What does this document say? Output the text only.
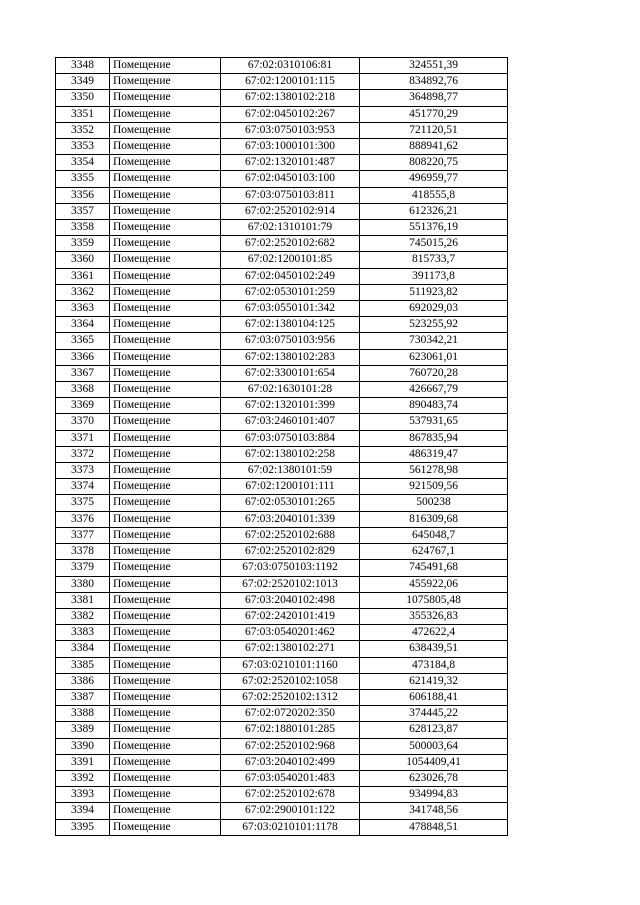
3348	Помещение	67:02:0310106:81	324551,39
3349	Помещение	67:02:1200101:115	834892,76
3350	Помещение	67:02:1380102:218	364898,77
3351	Помещение	67:02:0450102:267	451770,29
3352	Помещение	67:03:0750103:953	721120,51
3353	Помещение	67:03:1000101:300	888941,62
3354	Помещение	67:02:1320101:487	808220,75
3355	Помещение	67:02:0450103:100	496959,77
3356	Помещение	67:03:0750103:811	418555,8
3357	Помещение	67:02:2520102:914	612326,21
3358	Помещение	67:02:1310101:79	551376,19
3359	Помещение	67:02:2520102:682	745015,26
3360	Помещение	67:02:1200101:85	815733,7
3361	Помещение	67:02:0450102:249	391173,8
3362	Помещение	67:02:0530101:259	511923,82
3363	Помещение	67:03:0550101:342	692029,03
3364	Помещение	67:02:1380104:125	523255,92
3365	Помещение	67:03:0750103:956	730342,21
3366	Помещение	67:02:1380102:283	623061,01
3367	Помещение	67:02:3300101:654	760720,28
3368	Помещение	67:02:1630101:28	426667,79
3369	Помещение	67:02:1320101:399	890483,74
3370	Помещение	67:03:2460101:407	537931,65
3371	Помещение	67:03:0750103:884	867835,94
3372	Помещение	67:02:1380102:258	486319,47
3373	Помещение	67:02:1380101:59	561278,98
3374	Помещение	67:02:1200101:111	921509,56
3375	Помещение	67:02:0530101:265	500238
3376	Помещение	67:03:2040101:339	816309,68
3377	Помещение	67:02:2520102:688	645048,7
3378	Помещение	67:02:2520102:829	624767,1
3379	Помещение	67:03:0750103:1192	745491,68
3380	Помещение	67:02:2520102:1013	455922,06
3381	Помещение	67:03:2040102:498	1075805,48
3382	Помещение	67:02:2420101:419	355326,83
3383	Помещение	67:03:0540201:462	472622,4
3384	Помещение	67:02:1380102:271	638439,51
3385	Помещение	67:03:0210101:1160	473184,8
3386	Помещение	67:02:2520102:1058	621419,32
3387	Помещение	67:02:2520102:1312	606188,41
3388	Помещение	67:02:0720202:350	374445,22
3389	Помещение	67:02:1880101:285	628123,87
3390	Помещение	67:02:2520102:968	500003,64
3391	Помещение	67:03:2040102:499	1054409,41
3392	Помещение	67:03:0540201:483	623026,78
3393	Помещение	67:02:2520102:678	934994,83
3394	Помещение	67:02:2900101:122	341748,56
3395	Помещение	67:03:0210101:1178	478848,51
